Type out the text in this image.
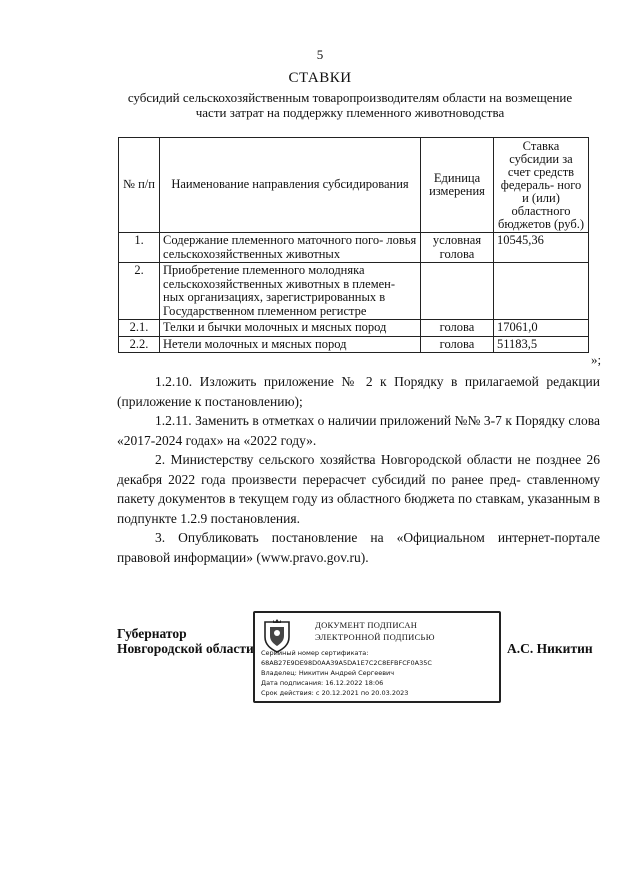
5
СТАВКИ
субсидий сельскохозяйственным товаропроизводителям области на возмещение части затрат на поддержку племенного животноводства
№ п/п	Наименование направления субсидирования	Единица измерения	Ставка субсидии за счет средств федераль- ного и (или) областного бюджетов (руб.)
1.	Содержание племенного маточного пого- ловья сельскохозяйственных животных	условная голова	10545,36
2.	Приобретение племенного молодняка сельскохозяйственных животных в племен- ных организациях, зарегистрированных в Государственном племенном регистре		
2.1.	Телки и бычки молочных и мясных пород	голова	17061,0
2.2.	Нетели молочных и мясных пород	голова	51183,5
»;
1.2.10. Изложить приложение № 2 к Порядку в прилагаемой редакции (приложение к постановлению);
1.2.11. Заменить в отметках о наличии приложений №№ 3-7 к Порядку слова «2017-2024 годах» на «2022 году».
2. Министерству сельского хозяйства Новгородской области не позднее 26 декабря 2022 года произвести перерасчет субсидий по ранее пред- ставленному пакету документов в текущем году из областного бюджета по ставкам, указанным в подпункте 1.2.9 постановления.
3. Опубликовать постановление на «Официальном интернет-портале правовой информации» (www.pravo.gov.ru).
Губернатор
Новгородской области
ДОКУМЕНТ ПОДПИСАН
ЭЛЕКТРОННОЙ ПОДПИСЬЮ
Серийный номер сертификата:
68AB27E9DE98D0AA39A5DA1E7C2C8EFBFCF0A35C
Владелец: Никитин Андрей Сергеевич
Дата подписания: 16.12.2022 18:06
Срок действия: с 20.12.2021 по 20.03.2023
А.С. Никитин
